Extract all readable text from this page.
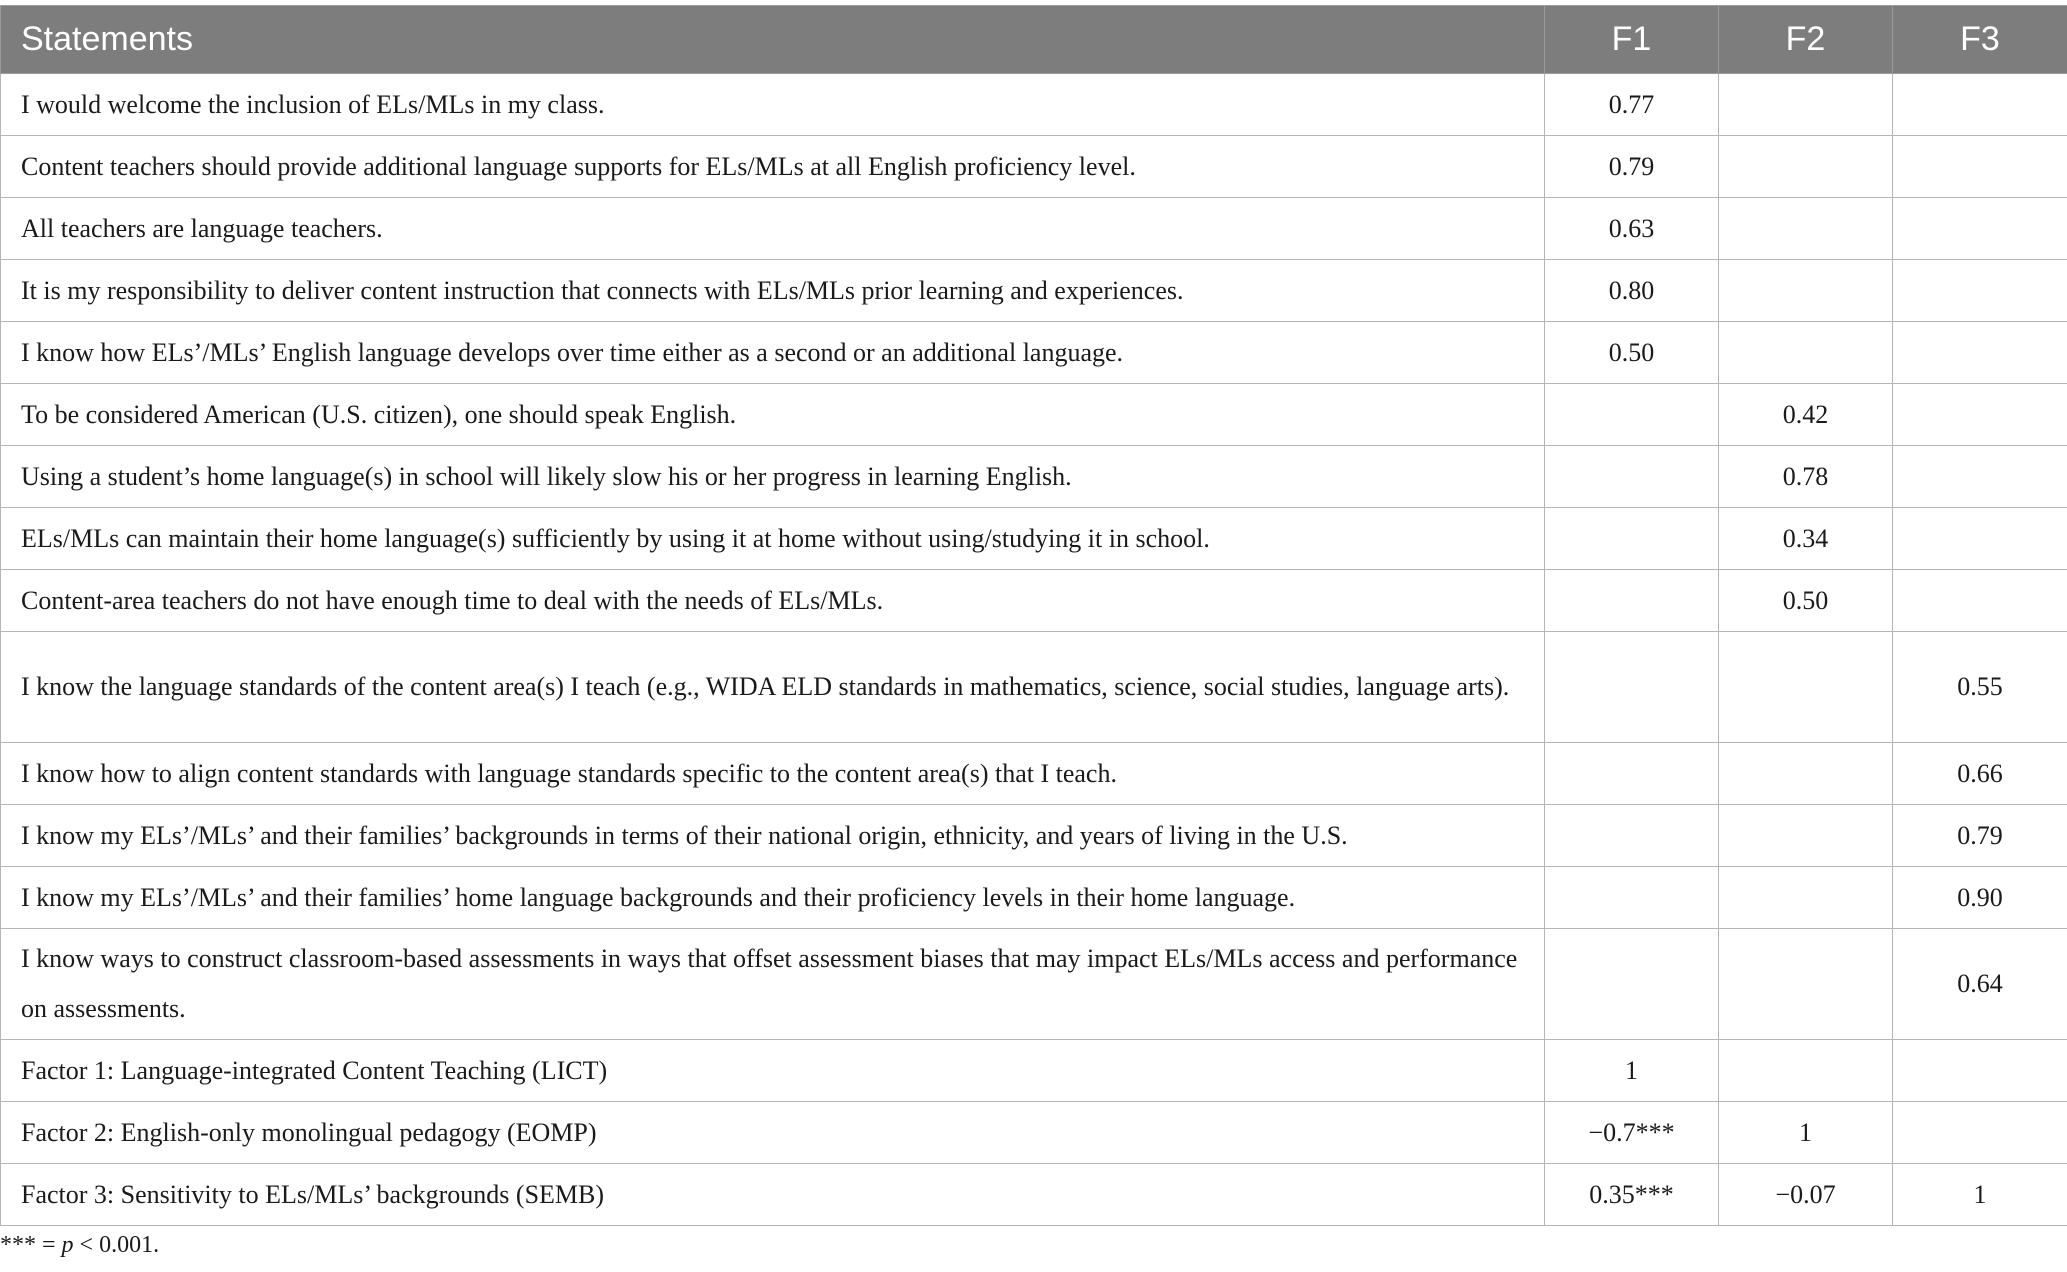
Statements	F1	F2	F3
I would welcome the inclusion of ELs/MLs in my class.	0.77		
Content teachers should provide additional language supports for ELs/MLs at all English proficiency level.	0.79		
All teachers are language teachers.	0.63		
It is my responsibility to deliver content instruction that connects with ELs/MLs prior learning and experiences.	0.80		
I know how ELs’/MLs’ English language develops over time either as a second or an additional language.	0.50		
To be considered American (U.S. citizen), one should speak English.		0.42	
Using a student’s home language(s) in school will likely slow his or her progress in learning English.		0.78	
ELs/MLs can maintain their home language(s) sufficiently by using it at home without using/studying it in school.		0.34	
Content-area teachers do not have enough time to deal with the needs of ELs/MLs.		0.50	
I know the language standards of the content area(s) I teach (e.g., WIDA ELD standards in mathematics, science, social studies, language arts).			0.55
I know how to align content standards with language standards specific to the content area(s) that I teach.			0.66
I know my ELs’/MLs’ and their families’ backgrounds in terms of their national origin, ethnicity, and years of living in the U.S.			0.79
I know my ELs’/MLs’ and their families’ home language backgrounds and their proficiency levels in their home language.			0.90
I know ways to construct classroom-based assessments in ways that offset assessment biases that may impact ELs/MLs access and performance on assessments.			0.64
Factor 1: Language-integrated Content Teaching (LICT)	1		
Factor 2: English-only monolingual pedagogy (EOMP)	−0.7***	1	
Factor 3: Sensitivity to ELs/MLs’ backgrounds (SEMB)	0.35***	−0.07	1
*** = p < 0.001.
